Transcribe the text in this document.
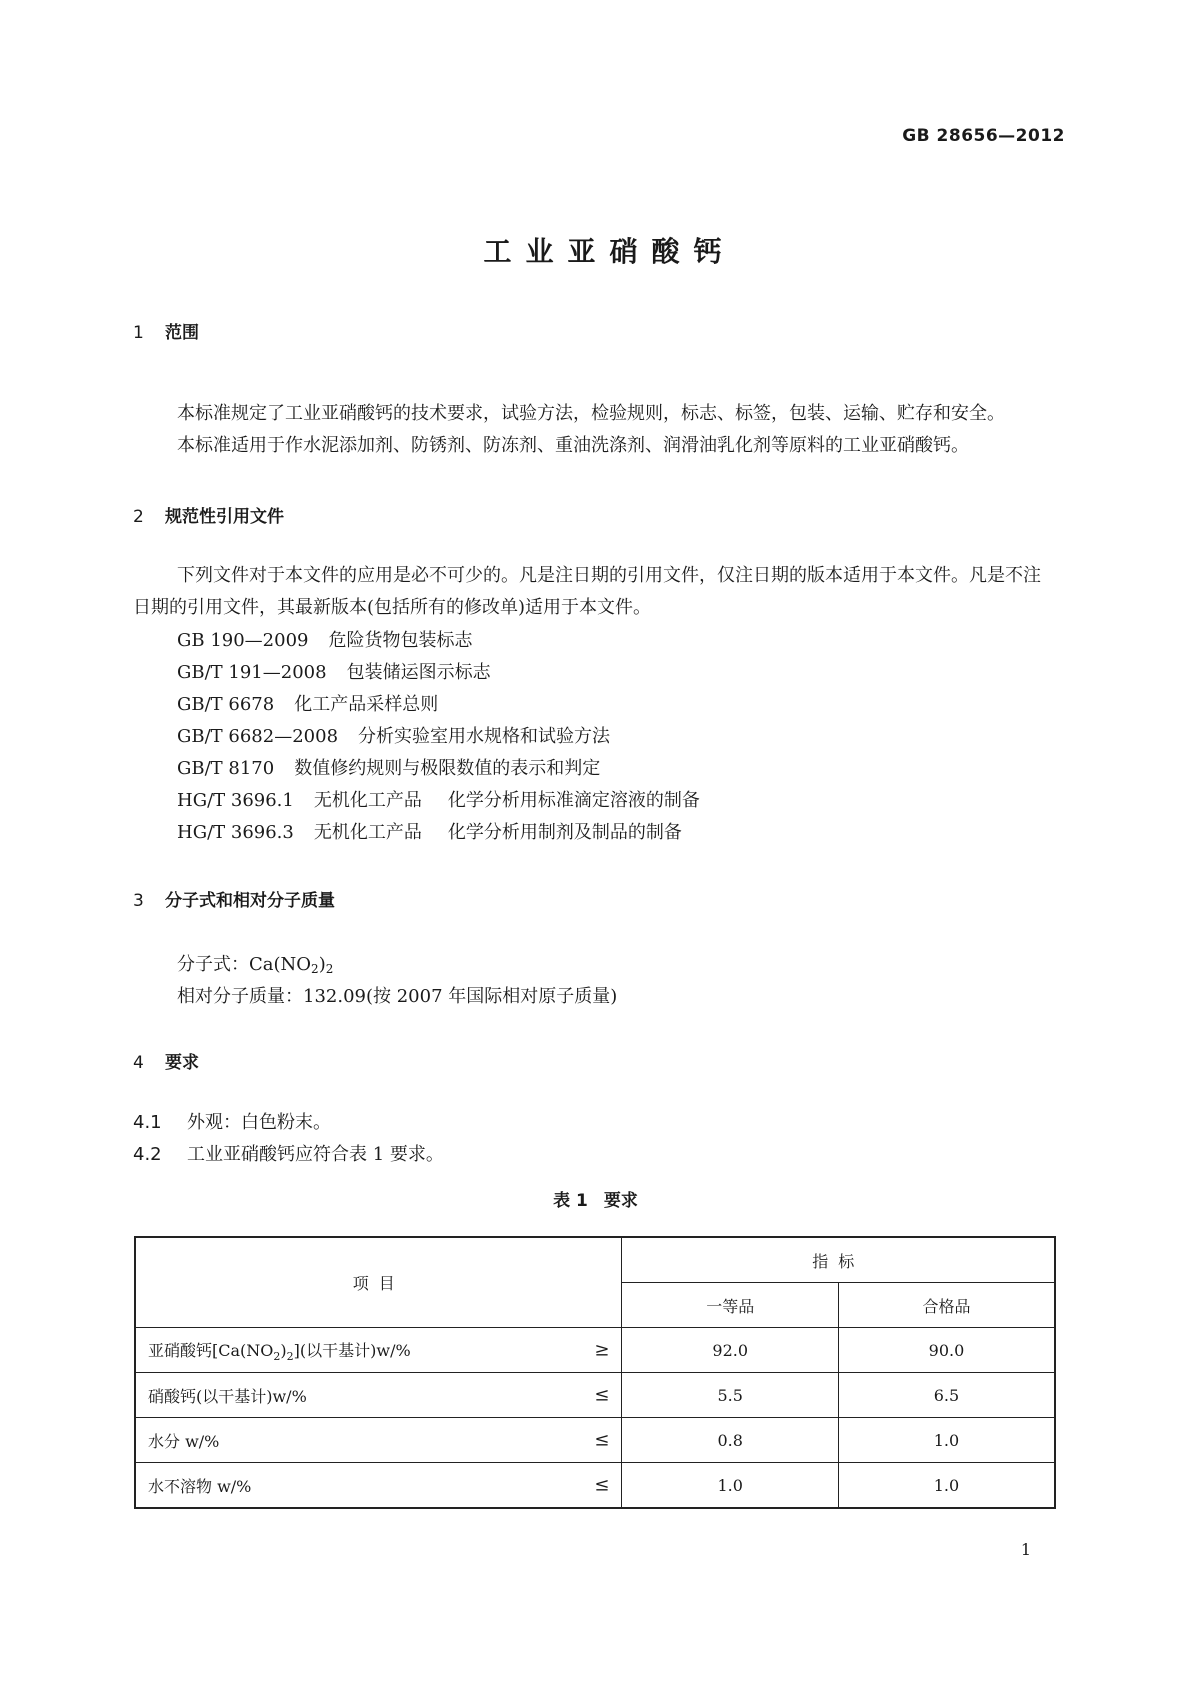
GB 28656—2012
工业亚硝酸钙
1 范围
本标准规定了工业亚硝酸钙的技术要求，试验方法，检验规则，标志、标签，包装、运输、贮存和安全。
本标准适用于作水泥添加剂、防锈剂、防冻剂、重油洗涤剂、润滑油乳化剂等原料的工业亚硝酸钙。
2 规范性引用文件
下列文件对于本文件的应用是必不可少的。凡是注日期的引用文件，仅注日期的版本适用于本文件。凡是不注日期的引用文件，其最新版本(包括所有的修改单)适用于本文件。
GB 190—2009 危险货物包装标志
GB/T 191—2008 包装储运图示标志
GB/T 6678 化工产品采样总则
GB/T 6682—2008 分析实验室用水规格和试验方法
GB/T 8170 数值修约规则与极限数值的表示和判定
HG/T 3696.1 无机化工产品 化学分析用标准滴定溶液的制备
HG/T 3696.3 无机化工产品 化学分析用制剂及制品的制备
3 分子式和相对分子质量
分子式：$Ca(NO_2)_2$
相对分子质量：132.09(按 2007 年国际相对原子质量)
4 要求
4.1 外观：白色粉末。
4.2 工业亚硝酸钙应符合表 1 要求。
表 1 要求
项目	指标	
	一等品	合格品
亚硝酸钙$[Ca(NO_2)_2]$(以干基计)w/% ≥	92.0	90.0
硝酸钙(以干基计)w/% ≤	5.5	6.5
水分 w/% ≤	0.8	1.0
水不溶物 w/% ≤	1.0	1.0
1
